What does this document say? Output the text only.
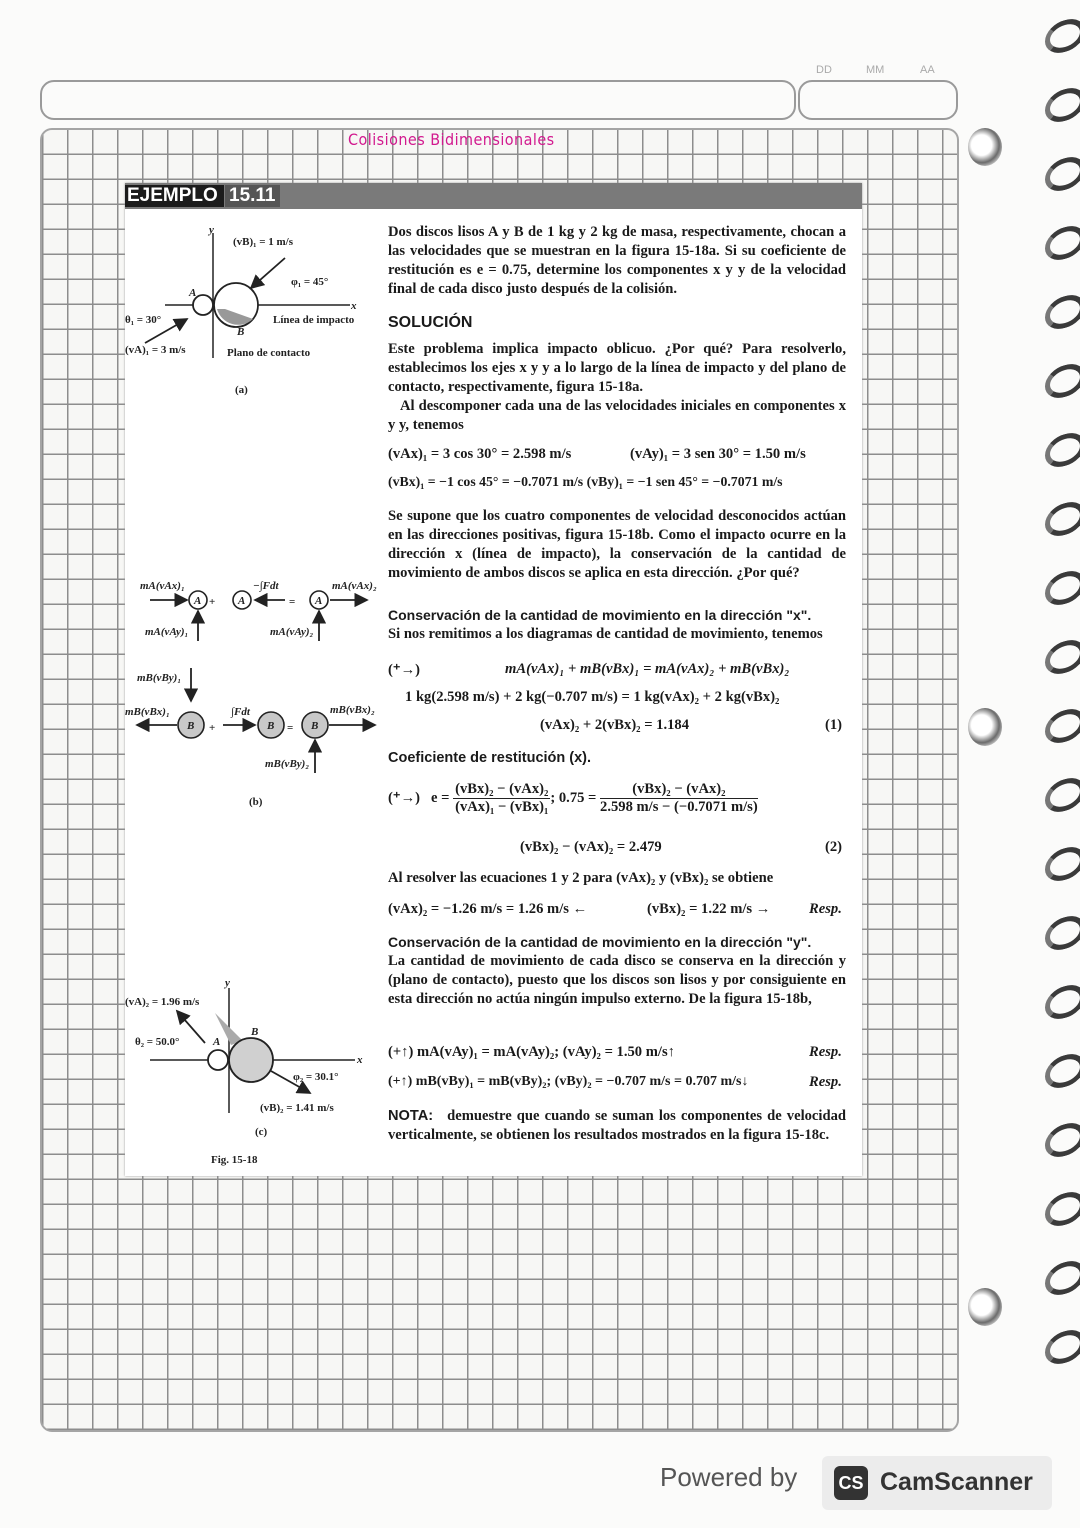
DD	MM	AA
Colisiones Bidimensionales
EJEMPLO 15.11
Dos discos lisos A y B de 1 kg y 2 kg de masa, respectivamente, chocan a las velocidades que se muestran en la figura 15-18a. Si su coeficiente de restitución es e = 0.75, determine los componentes x y y de la velocidad final de cada disco justo después de la colisión.
SOLUCIÓN
Este problema implica impacto oblicuo. ¿Por qué? Para resolverlo, establecimos los ejes x y y a lo largo de la línea de impacto y del plano de contacto, respectivamente, figura 15-18a.
Al descomponer cada una de las velocidades iniciales en componentes x y y, tenemos
(vAx)₁ = 3 cos 30° = 2.598 m/s	(vAy)₁ = 3 sen 30° = 1.50 m/s
(vBx)₁ = −1 cos 45° = −0.7071 m/s (vBy)₁ = −1 sen 45° = −0.7071 m/s
Se supone que los cuatro componentes de velocidad desconocidos actúan en las direcciones positivas, figura 15-18b. Como el impacto ocurre en la dirección x (línea de impacto), la conservación de la cantidad de movimiento de ambos discos se aplica en esta dirección. ¿Por qué?
Conservación de la cantidad de movimiento en la dirección "x".
Si nos remitimos a los diagramas de cantidad de movimiento, tenemos
(⁺→)	mA(vAx)₁ + mB(vBx)₁ = mA(vAx)₂ + mB(vBx)₂
1 kg(2.598 m/s) + 2 kg(−0.707 m/s) = 1 kg(vAx)₂ + 2 kg(vBx)₂
(vAx)₂ + 2(vBx)₂ = 1.184	(1)
Coeficiente de restitución (x).
(⁺→) $e = \frac{\text{(vBx)₂ − (vAx)₂}}{\text{(vAx)₁ − (vBx)₁}}$ ; $0.75 = \frac{\text{(vBx)₂ − (vAx)₂}}{2.598 m/s - (-0.7071 m/s)}$
(vBx)₂ − (vAx)₂ = 2.479	(2)
Al resolver las ecuaciones 1 y 2 para (vAx)₂ y (vBx)₂ se obtiene
(vAx)₂ = −1.26 m/s = 1.26 m/s ←	(vBx)₂ = 1.22 m/s →	Resp.
Conservación de la cantidad de movimiento en la dirección "y".
La cantidad de movimiento de cada disco se conserva en la dirección y (plano de contacto), puesto que los discos son lisos y por consiguiente en esta dirección no actúa ningún impulso externo. De la figura 15-18b,
(+↑) mA(vAy)₁ = mA(vAy)₂; (vAy)₂ = 1.50 m/s↑	Resp.
(+↑) mB(vBy)₁ = mB(vBy)₂; (vBy)₂ = −0.707 m/s = 0.707 m/s↓	Resp.
NOTA: demuestre que cuando se suman los componentes de velocidad verticalmente, se obtienen los resultados mostrados en la figura 15-18c.
(vB)₁ = 1 m/s
φ₁ = 45°
θ₁ = 30°
(vA)₁ = 3 m/s
Línea de impacto
Plano de contacto
A
B
x
y
(a)
A + A	= A
mA(vAx)₁
mA(vAy)₁
−∫Fdt	mA(vAx)₂
mA(vAy)₂
mB(vBy)₁
mB(vBx)₁
B +
∫Fdt
B = B
mB(vBx)₂
mB(vBy)₂
(b)
(vA)₂ = 1.96 m/s
θ₂ = 50.0°
φ₂ = 30.1°
(vB)₂ = 1.41 m/s
A
B
x
y
(c)
Fig. 15-18
Powered by CS CamScanner
